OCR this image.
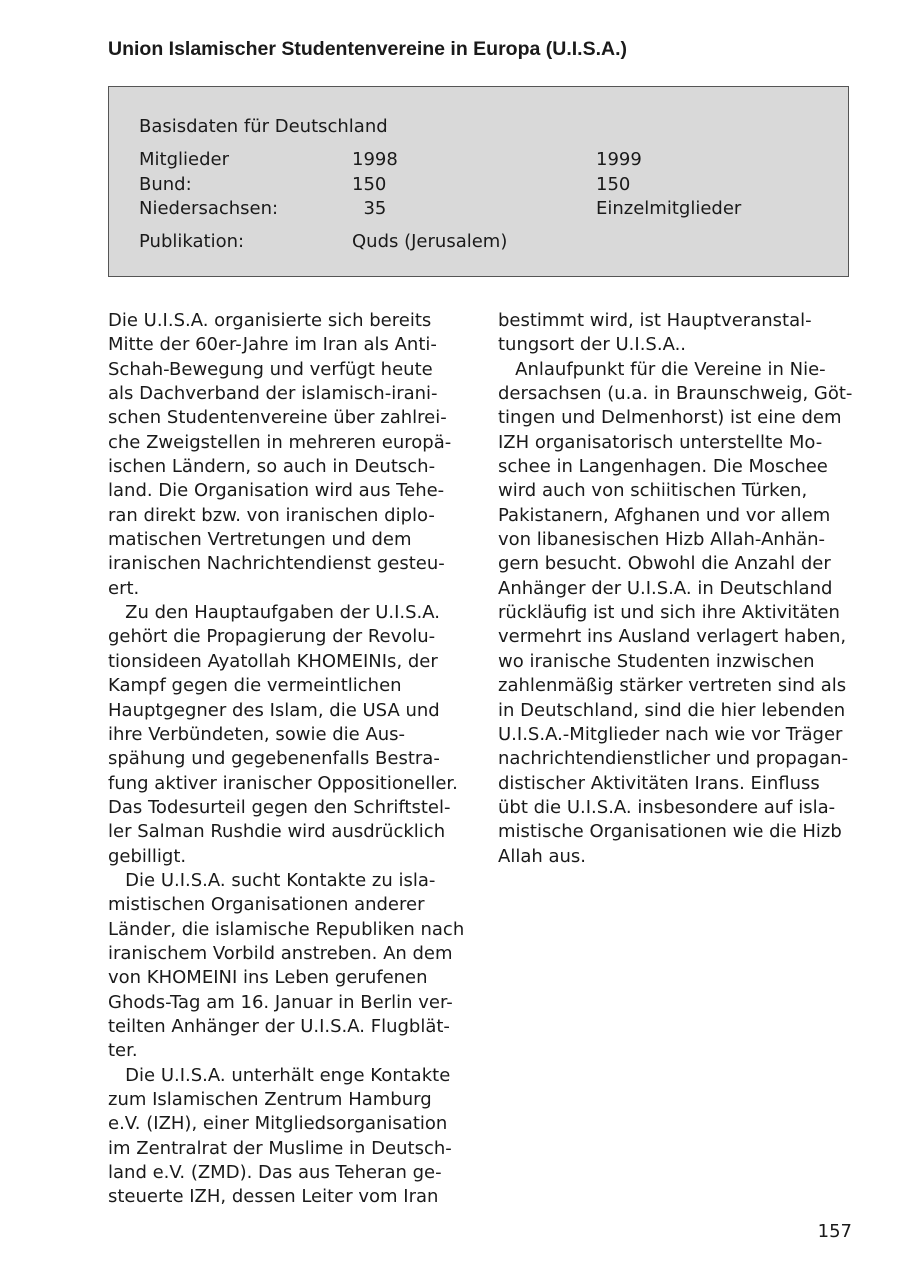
Union Islamischer Studentenvereine in Europa (U.I.S.A.)
Basisdaten für Deutschland
Mitglieder	1998	1999
Bund:	150	150
Niedersachsen:	35	Einzelmitglieder
Publikation:	Quds (Jerusalem)
Die U.I.S.A. organisierte sich bereits
Mitte der 60er-Jahre im Iran als Anti-
Schah-Bewegung und verfügt heute
als Dachverband der islamisch-irani-
schen Studentenvereine über zahlrei-
che Zweigstellen in mehreren europä-
ischen Ländern, so auch in Deutsch-
land. Die Organisation wird aus Tehe-
ran direkt bzw. von iranischen diplo-
matischen Vertretungen und dem
iranischen Nachrichtendienst gesteu-
ert.
Zu den Hauptaufgaben der U.I.S.A.
gehört die Propagierung der Revolu-
tionsideen Ayatollah KHOMEINIs, der
Kampf gegen die vermeintlichen
Hauptgegner des Islam, die USA und
ihre Verbündeten, sowie die Aus-
spähung und gegebenenfalls Bestra-
fung aktiver iranischer Oppositioneller.
Das Todesurteil gegen den Schriftstel-
ler Salman Rushdie wird ausdrücklich
gebilligt.
Die U.I.S.A. sucht Kontakte zu isla-
mistischen Organisationen anderer
Länder, die islamische Republiken nach
iranischem Vorbild anstreben. An dem
von KHOMEINI ins Leben gerufenen
Ghods-Tag am 16. Januar in Berlin ver-
teilten Anhänger der U.I.S.A. Flugblät-
ter.
Die U.I.S.A. unterhält enge Kontakte
zum Islamischen Zentrum Hamburg
e.V. (IZH), einer Mitgliedsorganisation
im Zentralrat der Muslime in Deutsch-
land e.V. (ZMD). Das aus Teheran ge-
steuerte IZH, dessen Leiter vom Iran
bestimmt wird, ist Hauptveranstal-
tungsort der U.I.S.A..
Anlaufpunkt für die Vereine in Nie-
dersachsen (u.a. in Braunschweig, Göt-
tingen und Delmenhorst) ist eine dem
IZH organisatorisch unterstellte Mo-
schee in Langenhagen. Die Moschee
wird auch von schiitischen Türken,
Pakistanern, Afghanen und vor allem
von libanesischen Hizb Allah-Anhän-
gern besucht. Obwohl die Anzahl der
Anhänger der U.I.S.A. in Deutschland
rückläufig ist und sich ihre Aktivitäten
vermehrt ins Ausland verlagert haben,
wo iranische Studenten inzwischen
zahlenmäßig stärker vertreten sind als
in Deutschland, sind die hier lebenden
U.I.S.A.-Mitglieder nach wie vor Träger
nachrichtendienstlicher und propagan-
distischer Aktivitäten Irans. Einfluss
übt die U.I.S.A. insbesondere auf isla-
mistische Organisationen wie die Hizb
Allah aus.
157
